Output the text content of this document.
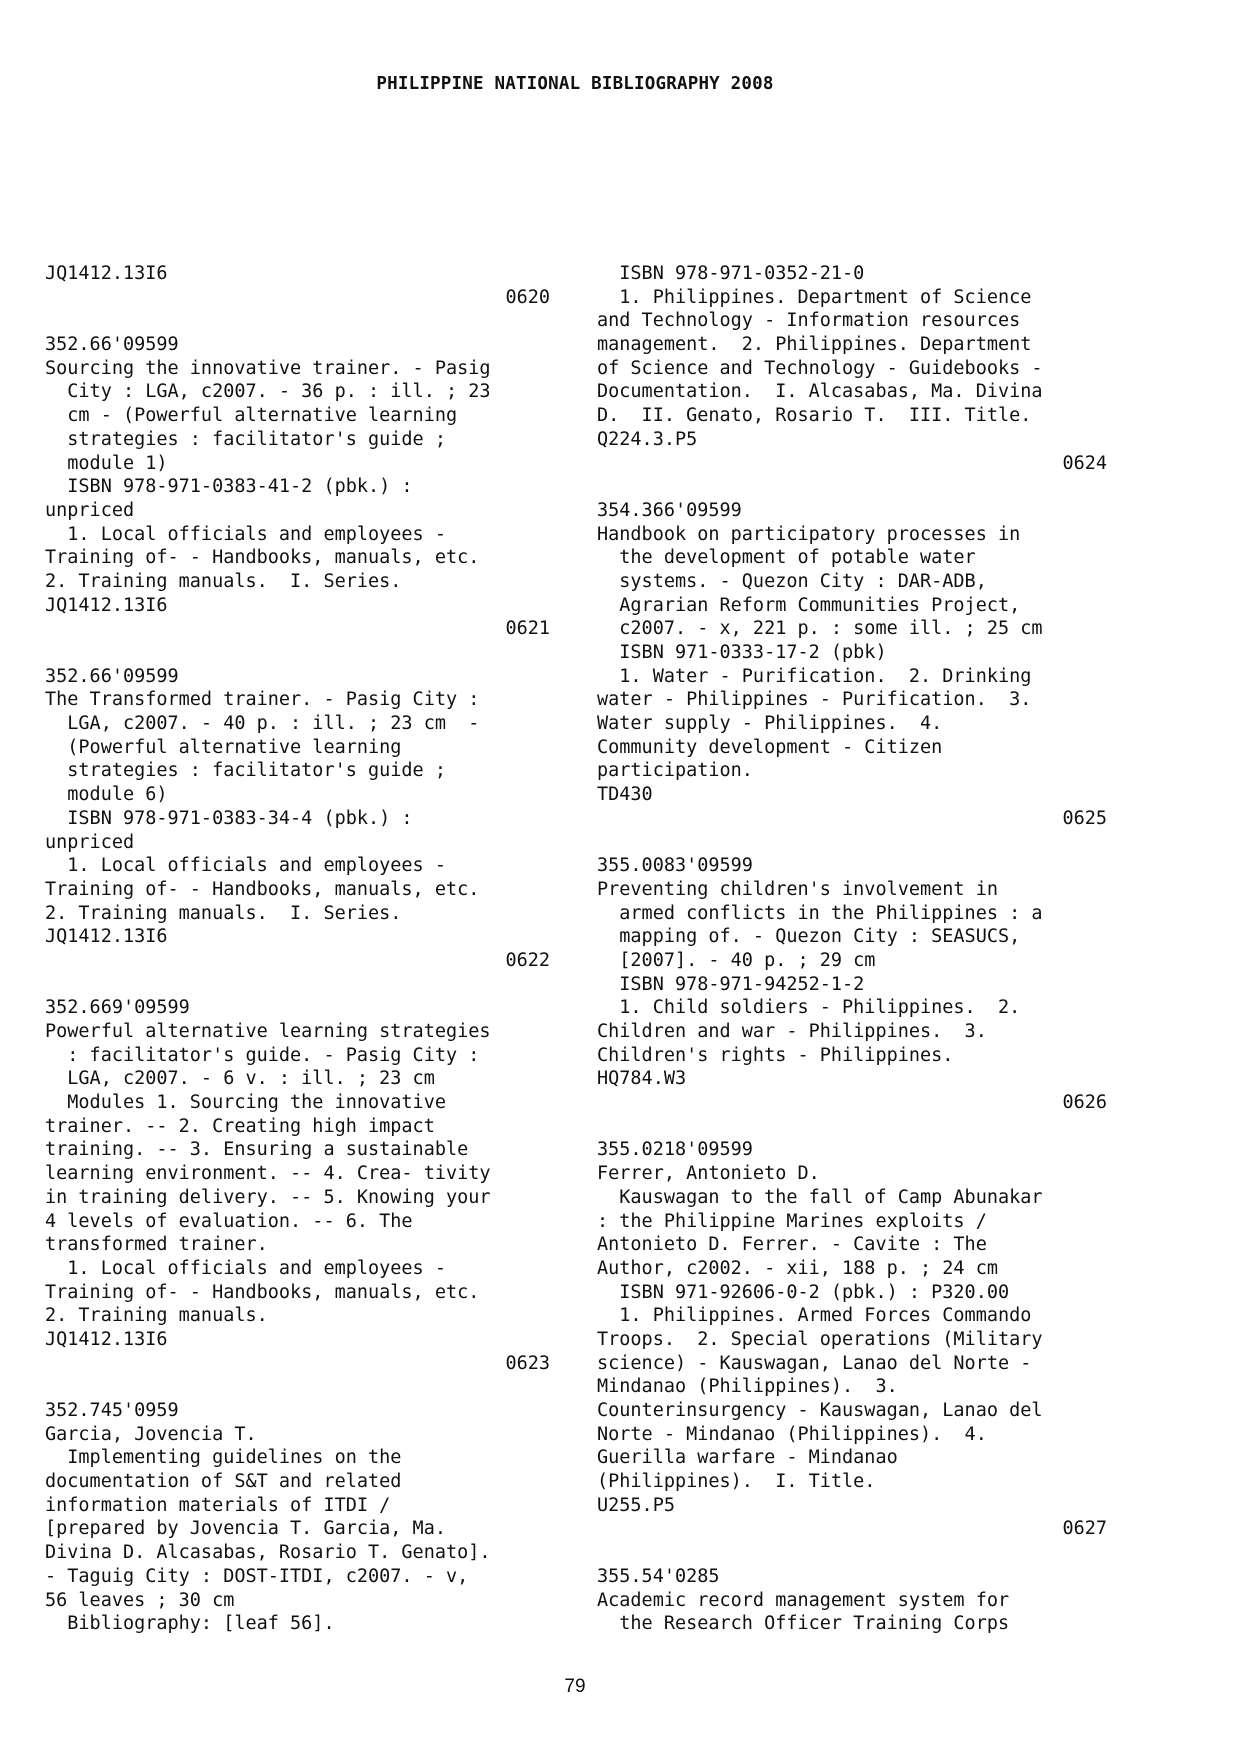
PHILIPPINE NATIONAL BIBLIOGRAPHY 2008
JQ1412.13I6
0620
352.66'09599
Sourcing the innovative trainer. - Pasig
City : LGA, c2007. - 36 p. : ill. ; 23
cm - (Powerful alternative learning
strategies : facilitator's guide ;
module 1)
ISBN 978-971-0383-41-2 (pbk.) :
unpriced
1. Local officials and employees -
Training of- - Handbooks, manuals, etc.
2. Training manuals.  I. Series.
JQ1412.13I6
0621
352.66'09599
The Transformed trainer. - Pasig City :
LGA, c2007. - 40 p. : ill. ; 23 cm  -
(Powerful alternative learning
strategies : facilitator's guide ;
module 6)
ISBN 978-971-0383-34-4 (pbk.) :
unpriced
1. Local officials and employees -
Training of- - Handbooks, manuals, etc.
2. Training manuals.  I. Series.
JQ1412.13I6
0622
352.669'09599
Powerful alternative learning strategies
: facilitator's guide. - Pasig City :
LGA, c2007. - 6 v. : ill. ; 23 cm
Modules 1. Sourcing the innovative
trainer. -- 2. Creating high impact
training. -- 3. Ensuring a sustainable
learning environment. -- 4. Crea- tivity
in training delivery. -- 5. Knowing your
4 levels of evaluation. -- 6. The
transformed trainer.
1. Local officials and employees -
Training of- - Handbooks, manuals, etc.
2. Training manuals.
JQ1412.13I6
0623
352.745'0959
Garcia, Jovencia T.
Implementing guidelines on the
documentation of S&T and related
information materials of ITDI /
[prepared by Jovencia T. Garcia, Ma.
Divina D. Alcasabas, Rosario T. Genato].
- Taguig City : DOST-ITDI, c2007. - v,
56 leaves ; 30 cm
Bibliography: [leaf 56].
ISBN 978-971-0352-21-0
1. Philippines. Department of Science
and Technology - Information resources
management.  2. Philippines. Department
of Science and Technology - Guidebooks -
Documentation.  I. Alcasabas, Ma. Divina
D.  II. Genato, Rosario T.  III. Title.
Q224.3.P5
0624
354.366'09599
Handbook on participatory processes in
the development of potable water
systems. - Quezon City : DAR-ADB,
Agrarian Reform Communities Project,
c2007. - x, 221 p. : some ill. ; 25 cm
ISBN 971-0333-17-2 (pbk)
1. Water - Purification.  2. Drinking
water - Philippines - Purification.  3.
Water supply - Philippines.  4.
Community development - Citizen
participation.
TD430
0625
355.0083'09599
Preventing children's involvement in
armed conflicts in the Philippines : a
mapping of. - Quezon City : SEASUCS,
[2007]. - 40 p. ; 29 cm
ISBN 978-971-94252-1-2
1. Child soldiers - Philippines.  2.
Children and war - Philippines.  3.
Children's rights - Philippines.
HQ784.W3
0626
355.0218'09599
Ferrer, Antonieto D.
Kauswagan to the fall of Camp Abunakar
: the Philippine Marines exploits /
Antonieto D. Ferrer. - Cavite : The
Author, c2002. - xii, 188 p. ; 24 cm
ISBN 971-92606-0-2 (pbk.) : P320.00
1. Philippines. Armed Forces Commando
Troops.  2. Special operations (Military
science) - Kauswagan, Lanao del Norte -
Mindanao (Philippines).  3.
Counterinsurgency - Kauswagan, Lanao del
Norte - Mindanao (Philippines).  4.
Guerilla warfare - Mindanao
(Philippines).  I. Title.
U255.P5
0627
355.54'0285
Academic record management system for
the Research Officer Training Corps
79
